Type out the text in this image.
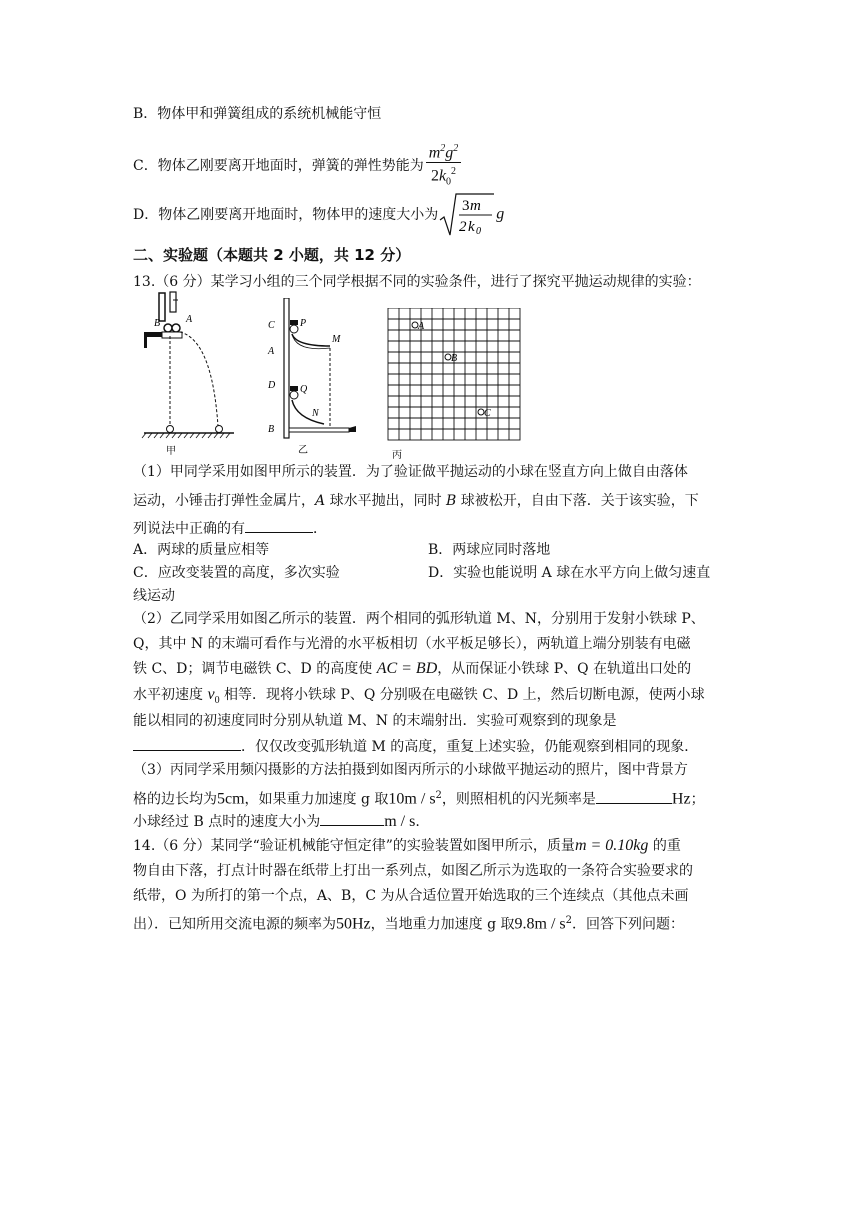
B．物体甲和弹簧组成的系统机械能守恒
C．物体乙刚要离开地面时，弹簧的弹性势能为 $\frac{m^2g^2}{2k_0^2}$
D．物体乙刚要离开地面时，物体甲的速度大小为
3 m
2 k 0
g
二、实验题（本题共 2 小题，共 12 分）
13.（6 分）某学习小组的三个同学根据不同的实验条件，进行了探究平抛运动规律的实验：
B	A
甲
C
A
D
B
P
M
Q
N
乙
A
B
C
丙
（1）甲同学采用如图甲所示的装置．为了验证做平抛运动的小球在竖直方向上做自由落体
运动，小锤击打弹性金属片，A 球水平抛出，同时 B 球被松开，自由下落．关于该实验，下
列说法中正确的有	．
A．两球的质量应相等	B．两球应同时落地
C．应改变装置的高度，多次实验	D．实验也能说明 A 球在水平方向上做匀速直
线运动
（2）乙同学采用如图乙所示的装置．两个相同的弧形轨道 M、N，分别用于发射小铁球 P、
Q，其中 N 的末端可看作与光滑的水平板相切（水平板足够长），两轨道上端分别装有电磁
铁 C、D；调节电磁铁 C、D 的高度使 AC = BD，从而保证小铁球 P、Q 在轨道出口处的
水平初速度 $v_0$ 相等．现将小铁球 P、Q 分别吸在电磁铁 C、D 上，然后切断电源，使两小球
能以相同的初速度同时分别从轨道 M、N 的末端射出．实验可观察到的现象是
．仅仅改变弧形轨道 M 的高度，重复上述实验，仍能观察到相同的现象．
（3）丙同学采用频闪摄影的方法拍摄到如图丙所示的小球做平抛运动的照片，图中背景方
格的边长均为5cm，如果重力加速度 g 取$10m / s^2$，则照相机的闪光频率是	Hz；
小球经过 B 点时的速度大小为	m / s.
14.（6 分）某同学“验证机械能守恒定律”的实验装置如图甲所示，质量m = 0.10kg 的重
物自由下落，打点计时器在纸带上打出一系列点，如图乙所示为选取的一条符合实验要求的
纸带，O 为所打的第一个点，A、B，C 为从合适位置开始选取的三个连续点（其他点未画
出）．已知所用交流电源的频率为50Hz，当地重力加速度 g 取$9.8m / s^2$．回答下列问题：
